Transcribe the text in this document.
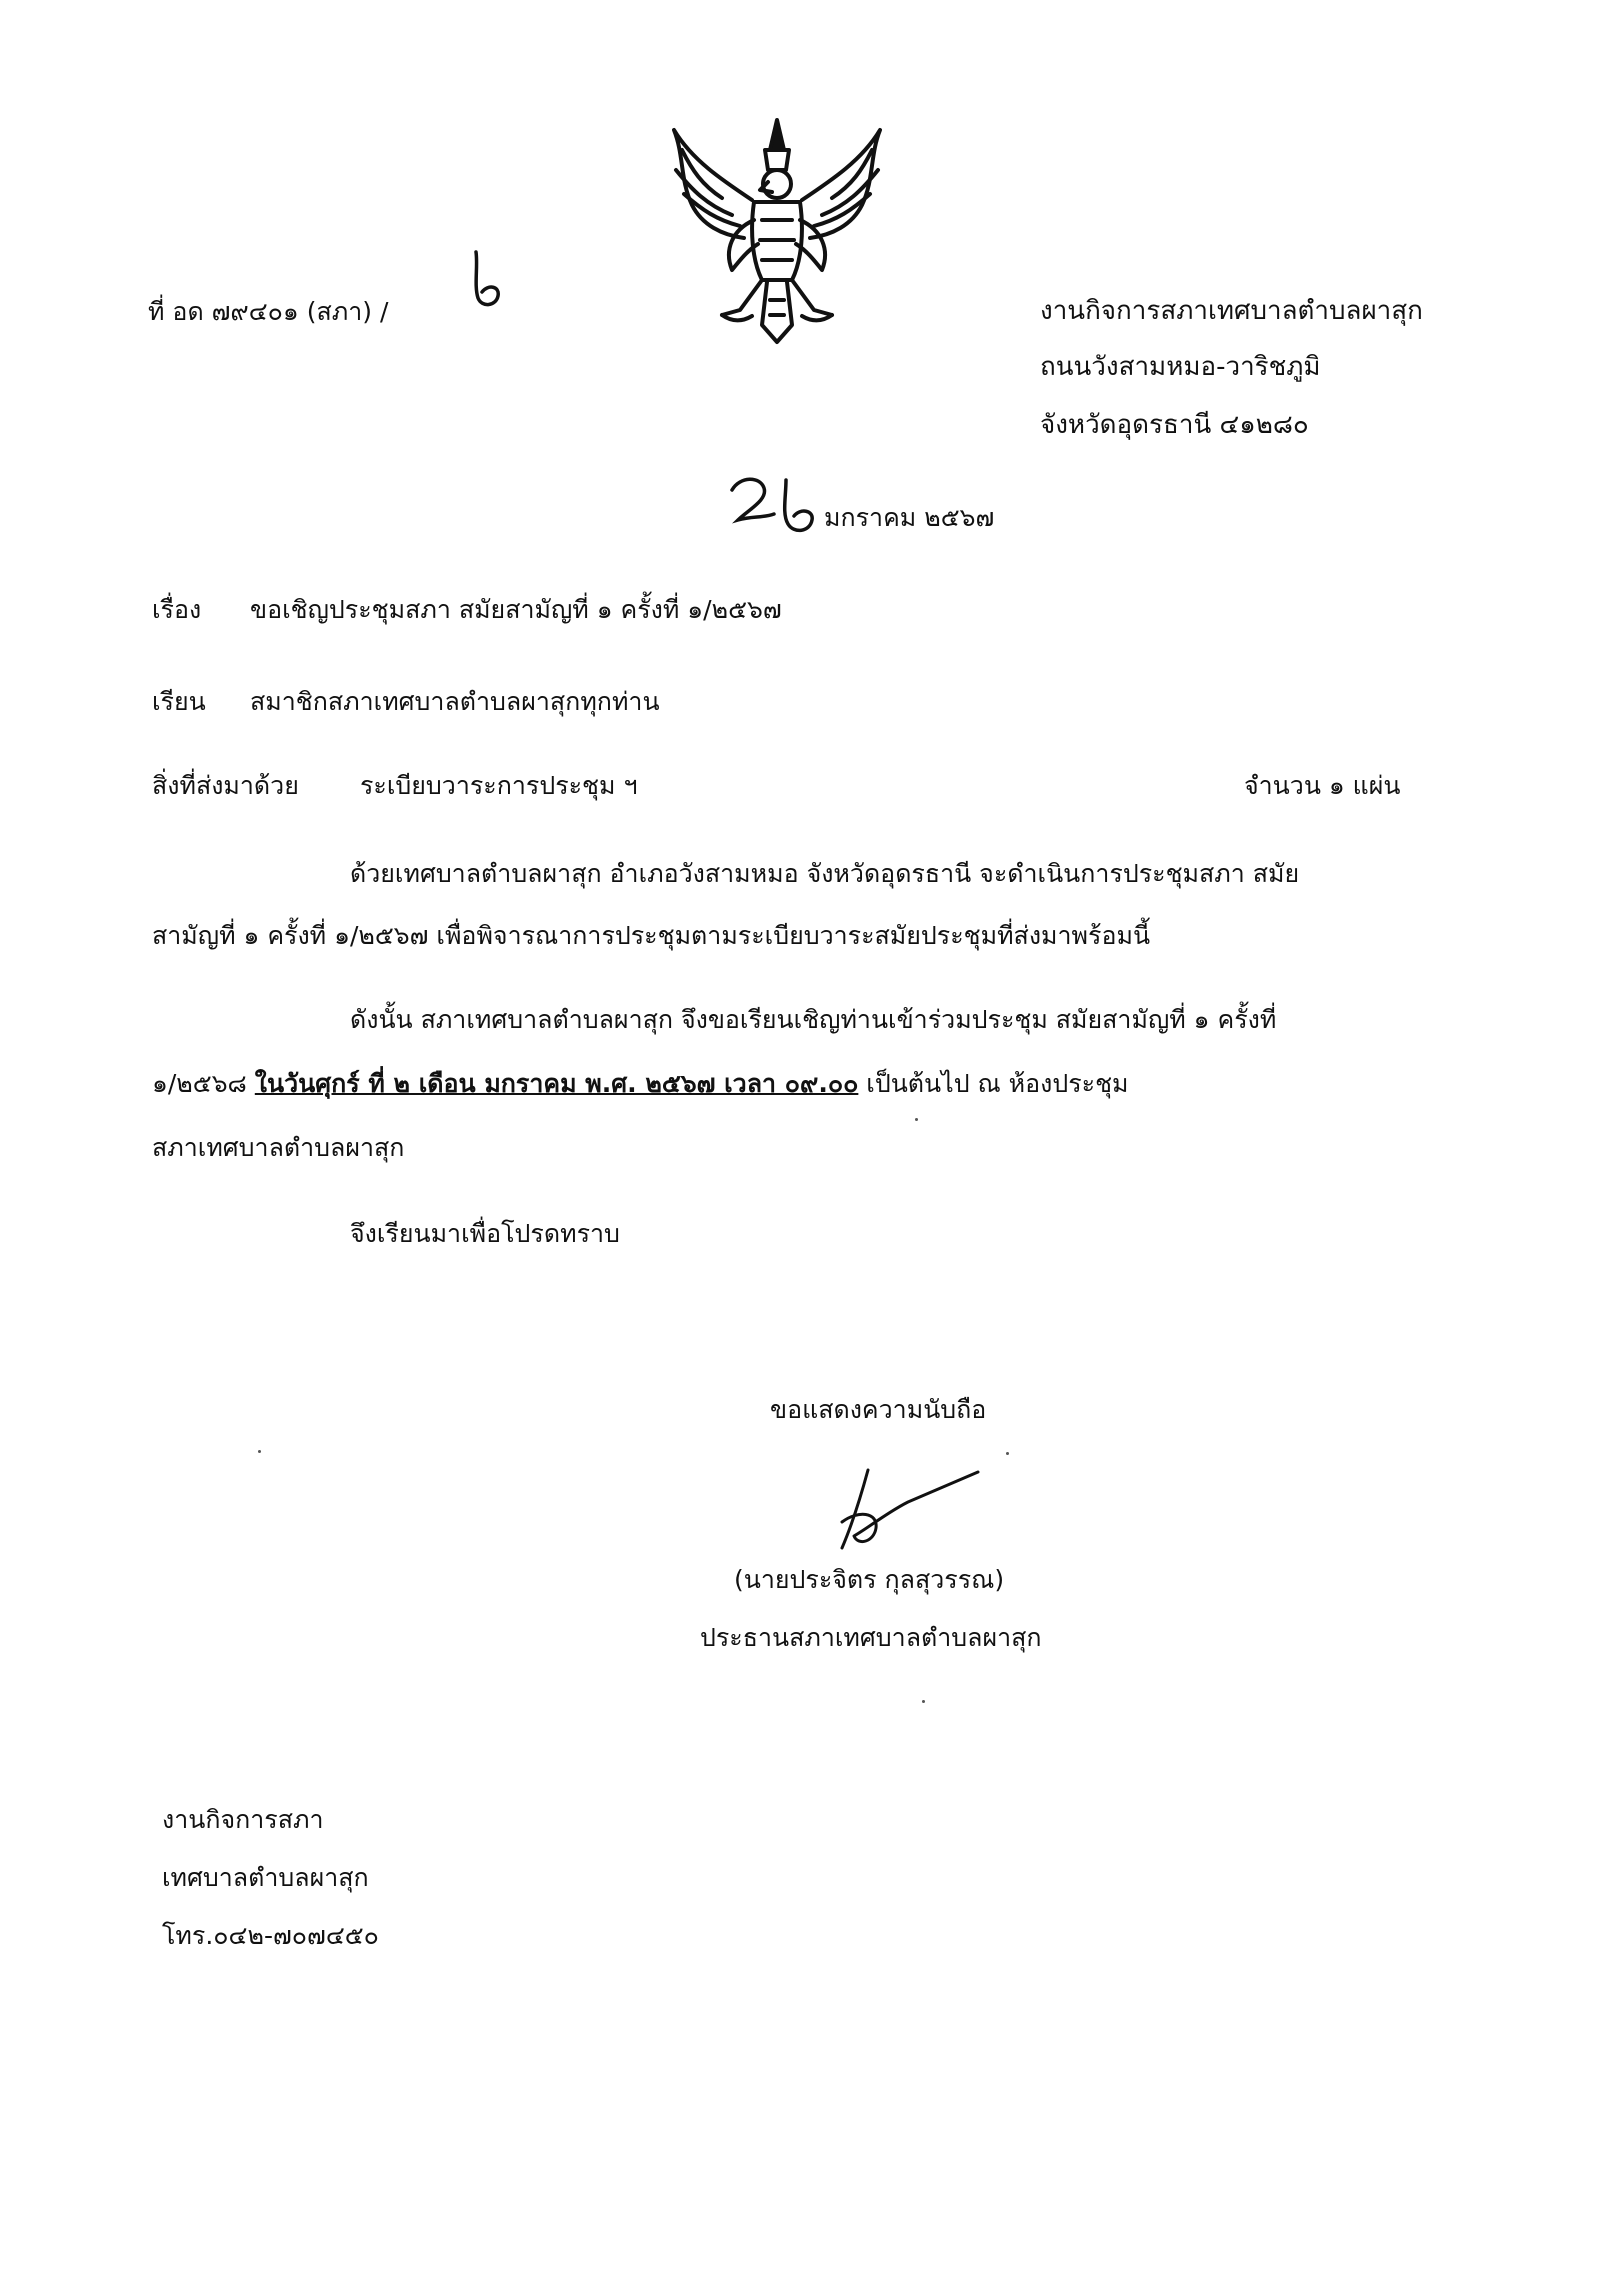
ที่ อด ๗๙๔๐๑ (สภา) /	งานกิจการสภาเทศบาลตำบลผาสุก
ถนนวังสามหมอ-วาริชภูมิ
จังหวัดอุดรธานี ๔๑๒๘๐
มกราคม ๒๕๖๗
เรื่อง ขอเชิญประชุมสภา สมัยสามัญที่ ๑ ครั้งที่ ๑/๒๕๖๗
เรียน สมาชิกสภาเทศบาลตำบลผาสุกทุกท่าน
สิ่งที่ส่งมาด้วย ระเบียบวาระการประชุม ฯ	จำนวน ๑ แผ่น
ด้วยเทศบาลตำบลผาสุก อำเภอวังสามหมอ จังหวัดอุดรธานี จะดำเนินการประชุมสภา สมัย
สามัญที่ ๑ ครั้งที่ ๑/๒๕๖๗ เพื่อพิจารณาการประชุมตามระเบียบวาระสมัยประชุมที่ส่งมาพร้อมนี้
ดังนั้น สภาเทศบาลตำบลผาสุก จึงขอเรียนเชิญท่านเข้าร่วมประชุม สมัยสามัญที่ ๑ ครั้งที่
๑/๒๕๖๘ ในวันศุกร์ ที่ ๒ เดือน มกราคม พ.ศ. ๒๕๖๗ เวลา ๐๙.๐๐ เป็นต้นไป ณ ห้องประชุม
สภาเทศบาลตำบลผาสุก
จึงเรียนมาเพื่อโปรดทราบ
ขอแสดงความนับถือ
(นายประจิตร กุลสุวรรณ)
ประธานสภาเทศบาลตำบลผาสุก
งานกิจการสภา
เทศบาลตำบลผาสุก
โทร.๐๔๒-๗๐๗๔๕๐
